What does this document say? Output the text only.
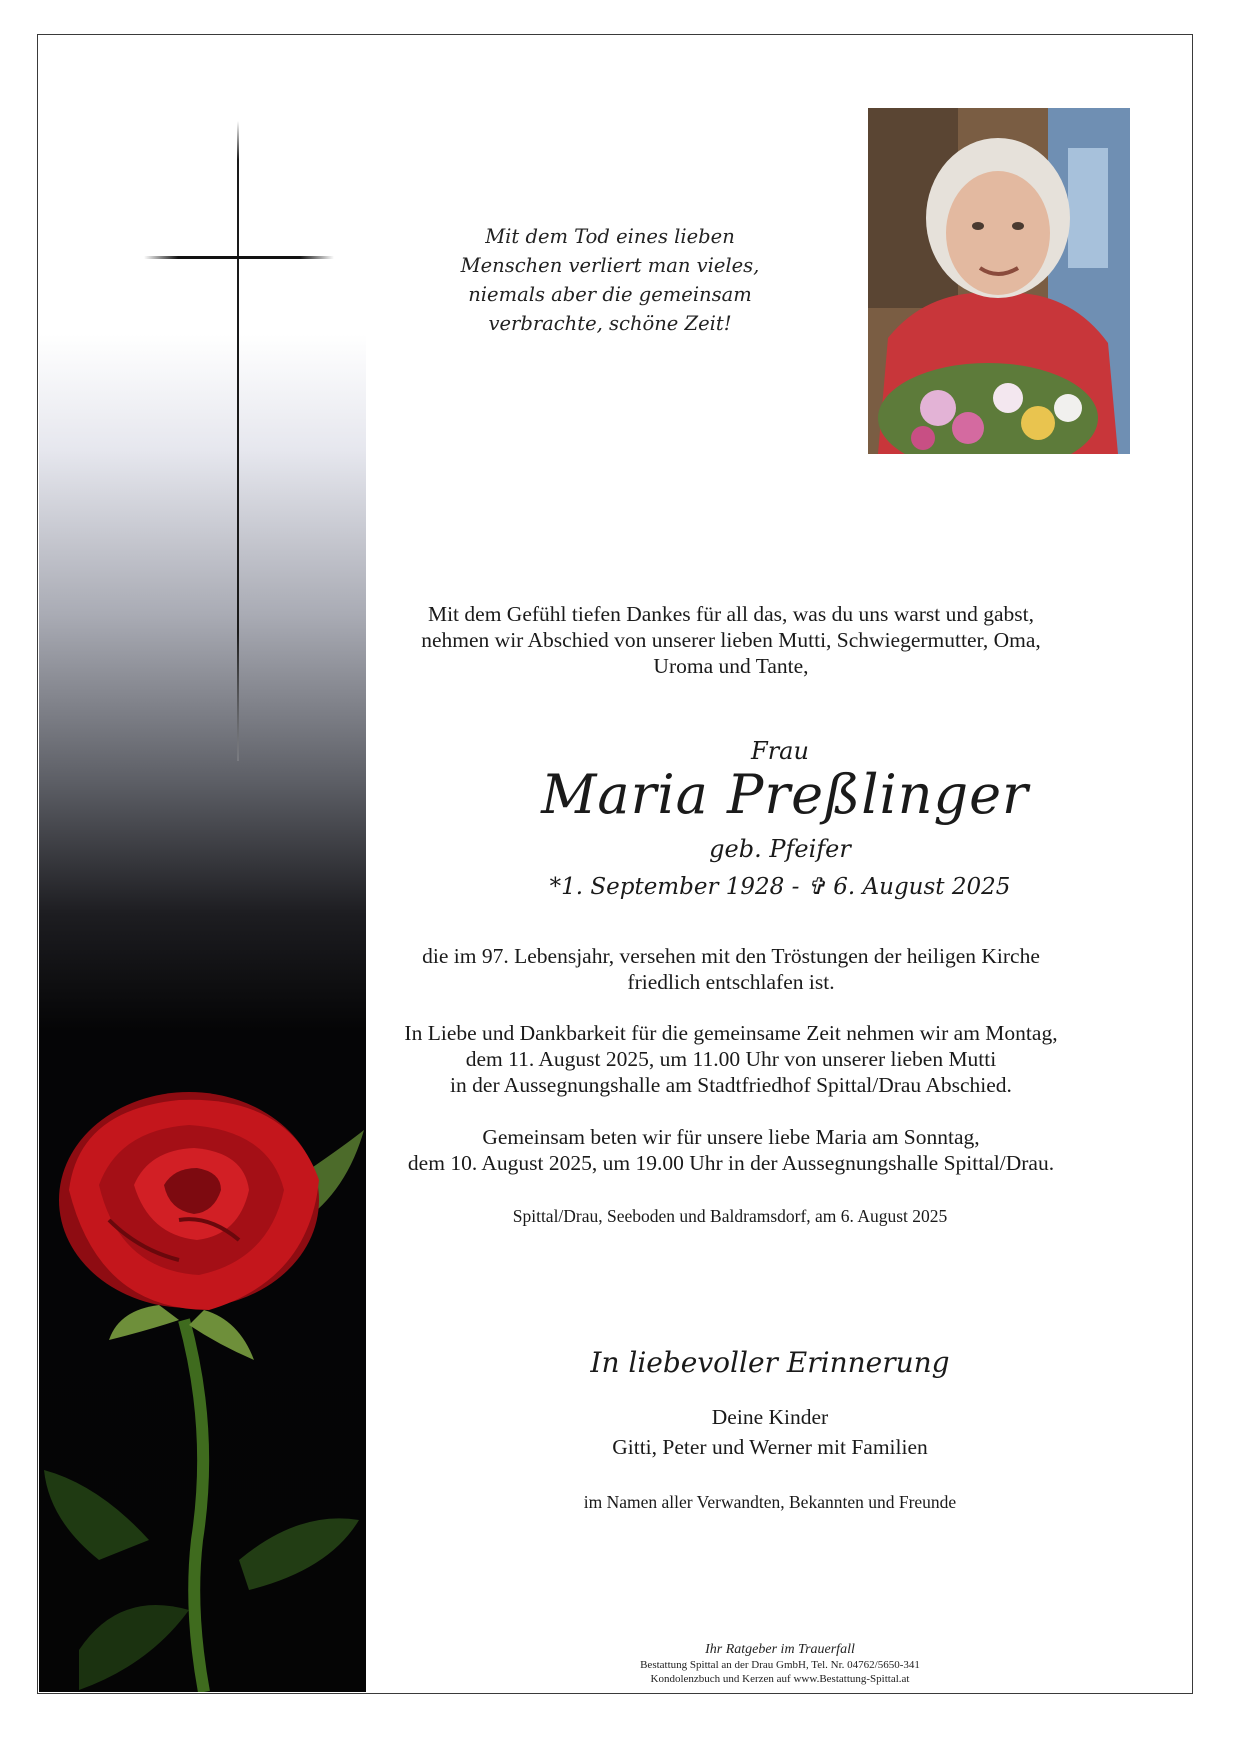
Mit dem Tod eines lieben
Menschen verliert man vieles,
niemals aber die gemeinsam
verbrachte, schöne Zeit!
Mit dem Gefühl tiefen Dankes für all das, was du uns warst und gabst,
nehmen wir Abschied von unserer lieben Mutti, Schwiegermutter, Oma,
Uroma und Tante,
Frau
Maria Preßlinger
geb. Pfeifer
*1. September 1928 - ✞ 6. August 2025
die im 97. Lebensjahr, versehen mit den Tröstungen der heiligen Kirche
friedlich entschlafen ist.
In Liebe und Dankbarkeit für die gemeinsame Zeit nehmen wir am Montag,
dem 11. August 2025, um 11.00 Uhr von unserer lieben Mutti
in der Aussegnungshalle am Stadtfriedhof Spittal/Drau Abschied.
Gemeinsam beten wir für unsere liebe Maria am Sonntag,
dem 10. August 2025, um 19.00 Uhr in der Aussegnungshalle Spittal/Drau.
Spittal/Drau, Seeboden und Baldramsdorf, am 6. August 2025
In liebevoller Erinnerung
Deine Kinder
Gitti, Peter und Werner mit Familien
im Namen aller Verwandten, Bekannten und Freunde
Ihr Ratgeber im Trauerfall
Bestattung Spittal an der Drau GmbH, Tel. Nr. 04762/5650-341
Kondolenzbuch und Kerzen auf www.Bestattung-Spittal.at
